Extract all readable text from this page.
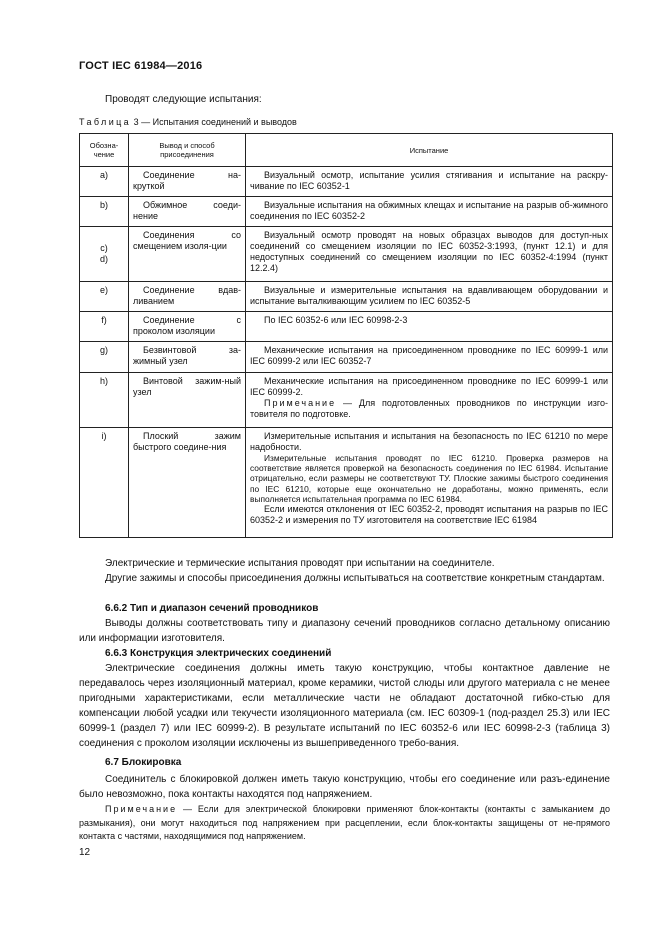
ГОСТ IEC 61984—2016
Проводят следующие испытания:
Таблица 3 — Испытания соединений и выводов
Обозна-чение	Вывод и способ присоединения	Испытание
a)	Соединение на-круткой	Визуальный осмотр, испытание усилия стягивания и испытание на раскру-чивание по IEC 60352-1

b)	Обжимное соеди-нение	Визуальные испытания на обжимных клещах и испытание на разрыв об-жимного соединения по IEC 60352-2

c)
d)	Соединения со смещением изоля-ции	Визуальный осмотр проводят на новых образцах выводов для доступ-ных соединений со смещением изоляции по IEC 60352-3:1993, (пункт 12.1) и для недоступных соединений со смещением изоляции по IEC 60352-4:1994 (пункт 12.2.4)

e)	Соединение вдав-ливанием	Визуальные и измерительные испытания на вдавливающем оборудовании и испытание выталкивающим усилием по IEC 60352-5

f)	Соединение с проколом изоляции	По IEC 60352-6 или IEC 60998-2-3

g)	Безвинтовой за-жимный узел	Механические испытания на присоединенном проводнике по IEC 60999-1 или IEC 60999-2 или IEC 60352-7

h)	Винтовой зажим-ный узел	Механические испытания на присоединенном проводнике по IEC 60999-1 или IEC 60999-2.
Примечание — Для подготовленных проводников по инструкции изго-товителя по подготовке.

i)	Плоский зажим быстрого соедине-ния	Измерительные испытания и испытания на безопасность по IEC 61210 по мере надобности.
Измерительные испытания проводят по IEC 61210. Проверка размеров на соответствие является проверкой на безопасность соединения по IEC 61984. Испытание отрицательно, если размеры не соответствуют ТУ. Плоские зажимы быстрого соединения по IEC 61210, которые еще окончательно не доработаны, можно применять, если выполняется испытательная программа по IEC 61984.
Если имеются отклонения от IEC 60352-2, проводят испытания на разрыв по IEC 60352-2 и измерения по ТУ изготовителя на соответствие IEC 61984
Электрические и термические испытания проводят при испытании на соединителе.
Другие зажимы и способы присоединения должны испытываться на соответствие конкретным стандартам.
6.6.2 Тип и диапазон сечений проводников
Выводы должны соответствовать типу и диапазону сечений проводников согласно детальному описанию или информации изготовителя.
6.6.3 Конструкция электрических соединений
Электрические соединения должны иметь такую конструкцию, чтобы контактное давление не передавалось через изоляционный материал, кроме керамики, чистой слюды или другого материала с не менее пригодными характеристиками, если металлические части не обладают достаточной гибко-стью для компенсации любой усадки или текучести изоляционного материала (см. IEC 60309-1 (под-раздел 25.3) или IEC 60999-1 (раздел 7) или IEC 60999-2). В результате испытаний по IEC 60352-6 или IEC 60998-2-3 (таблица 3) соединения с проколом изоляции исключены из вышеприведенного требо-вания.
6.7 Блокировка
Соединитель с блокировкой должен иметь такую конструкцию, чтобы его соединение или разъ-единение было невозможно, пока контакты находятся под напряжением.
Примечание — Если для электрической блокировки применяют блок-контакты (контакты с замыканием до размыкания), они могут находиться под напряжением при расцеплении, если блок-контакты защищены от не-прямого контакта с частями, находящимися под напряжением.
12
